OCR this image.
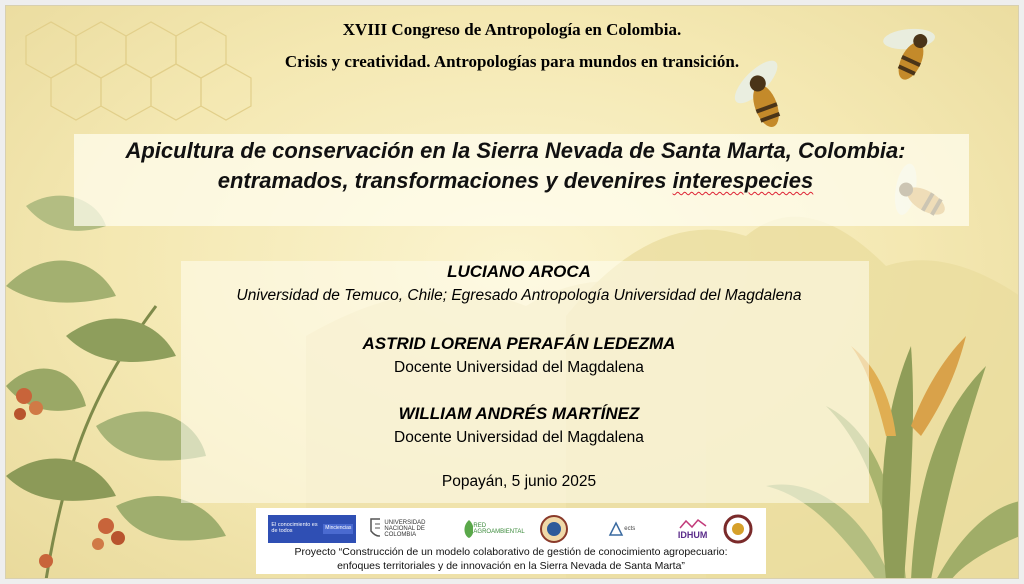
XVIII Congreso de Antropología en Colombia.
Crisis y creatividad. Antropologías para mundos en transición.
Apicultura de conservación en la Sierra Nevada de Santa Marta, Colombia:
entramados, transformaciones y devenires interespecies
LUCIANO AROCA
Universidad de Temuco, Chile; Egresado Antropología Universidad del Magdalena
ASTRID LORENA PERAFÁN LEDEZMA
Docente Universidad del Magdalena
WILLIAM ANDRÉS MARTÍNEZ
Docente Universidad del Magdalena
Popayán, 5 junio 2025
El conocimiento es de todos	Minciencias
UNIVERSIDAD NACIONAL DE COLOMBIA
RED AGROAMBIENTAL	ects
IDHUM
Proyecto “Construcción de un modelo colaborativo de gestión de conocimiento agropecuario:
enfoques territoriales y de innovación en la Sierra Nevada de Santa Marta”
